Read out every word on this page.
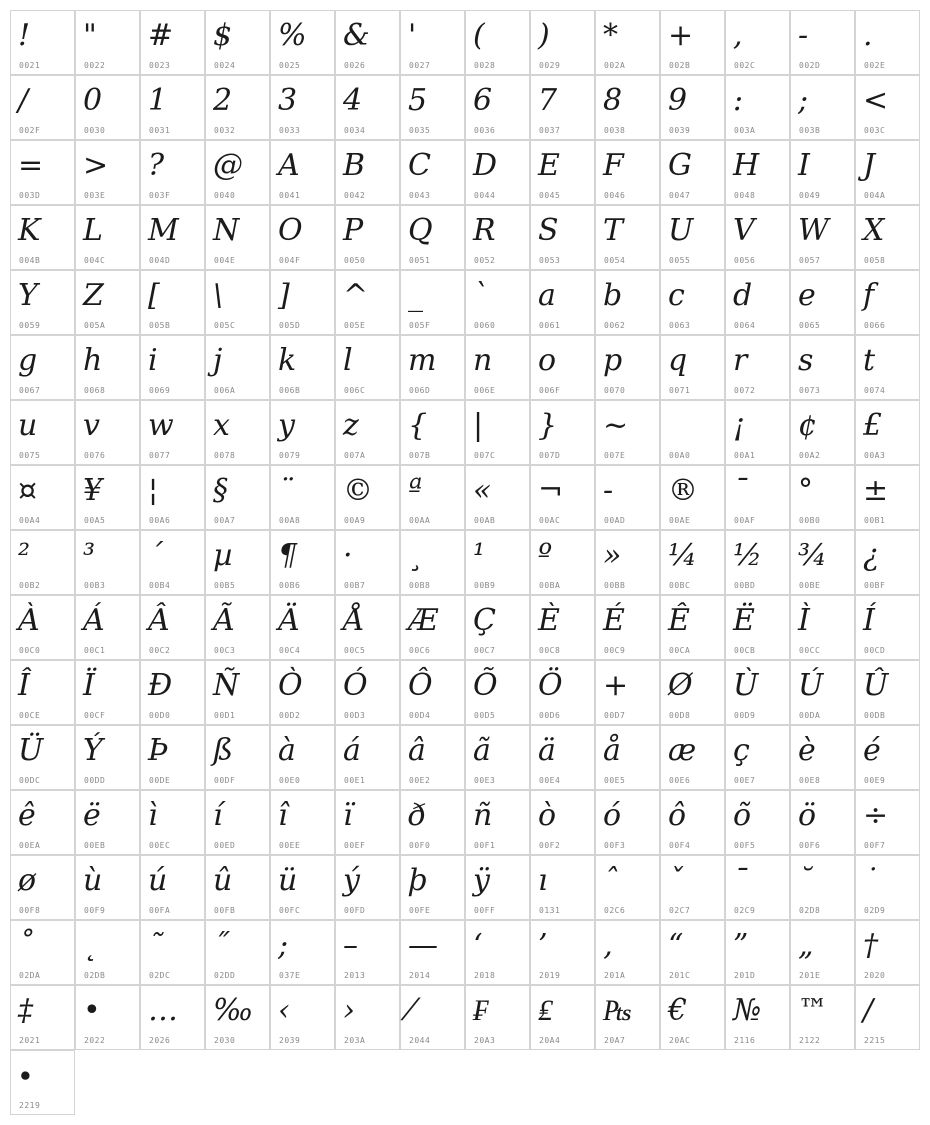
!
0021
"
0022
#
0023
$
0024
%
0025
&
0026
'
0027
(
0028
)
0029
*
002A
+
002B
,
002C
-
002D
.
002E
/
002F
0
0030
1
0031
2
0032
3
0033
4
0034
5
0035
6
0036
7
0037
8
0038
9
0039
:
003A
;
003B
<
003C
=
003D
>
003E
?
003F
@
0040
A
0041
B
0042
C
0043
D
0044
E
0045
F
0046
G
0047
H
0048
I
0049
J
004A
K
004B
L
004C
M
004D
N
004E
O
004F
P
0050
Q
0051
R
0052
S
0053
T
0054
U
0055
V
0056
W
0057
X
0058
Y
0059
Z
005A
[
005B
\
005C
]
005D
^
005E
_
005F
`
0060
a
0061
b
0062
c
0063
d
0064
e
0065
f
0066
g
0067
h
0068
i
0069
j
006A
k
006B
l
006C
m
006D
n
006E
o
006F
p
0070
q
0071
r
0072
s
0073
t
0074
u
0075
v
0076
w
0077
x
0078
y
0079
z
007A
{
007B
|
007C
}
007D
~
007E	00A0
¡
00A1
¢
00A2
£
00A3
¤
00A4
¥
00A5
¦
00A6
§
00A7
¨
00A8
©
00A9
ª
00AA
«
00AB
¬
00AC
-
00AD
®
00AE
¯
00AF
°
00B0
±
00B1
²
00B2
³
00B3
´
00B4
µ
00B5
¶
00B6
·
00B7
¸
00B8
¹
00B9
º
00BA
»
00BB
¼
00BC
½
00BD
¾
00BE
¿
00BF
À
00C0
Á
00C1
Â
00C2
Ã
00C3
Ä
00C4
Å
00C5
Æ
00C6
Ç
00C7
È
00C8
É
00C9
Ê
00CA
Ë
00CB
Ì
00CC
Í
00CD
Î
00CE
Ï
00CF
Ð
00D0
Ñ
00D1
Ò
00D2
Ó
00D3
Ô
00D4
Õ
00D5
Ö
00D6
+
00D7
Ø
00D8
Ù
00D9
Ú
00DA
Û
00DB
Ü
00DC
Ý
00DD
Þ
00DE
ß
00DF
à
00E0
á
00E1
â
00E2
ã
00E3
ä
00E4
å
00E5
æ
00E6
ç
00E7
è
00E8
é
00E9
ê
00EA
ë
00EB
ì
00EC
í
00ED
î
00EE
ï
00EF
ð
00F0
ñ
00F1
ò
00F2
ó
00F3
ô
00F4
õ
00F5
ö
00F6
÷
00F7
ø
00F8
ù
00F9
ú
00FA
û
00FB
ü
00FC
ý
00FD
þ
00FE
ÿ
00FF
ı
0131
ˆ
02C6
ˇ
02C7
ˉ
02C9
˘
02D8
˙
02D9
˚
02DA
˛
02DB
˜
02DC
˝
02DD
;
037E
–
2013
—
2014
‘
2018
’
2019
‚
201A
“
201C
”
201D
„
201E
†
2020
‡
2021
•
2022
…
2026
‰
2030
‹
2039
›
203A
⁄
2044
₣
20A3
₤
20A4
₧
20A7
€
20AC
№
2116
™
2122
∕
2215
∙
2219
